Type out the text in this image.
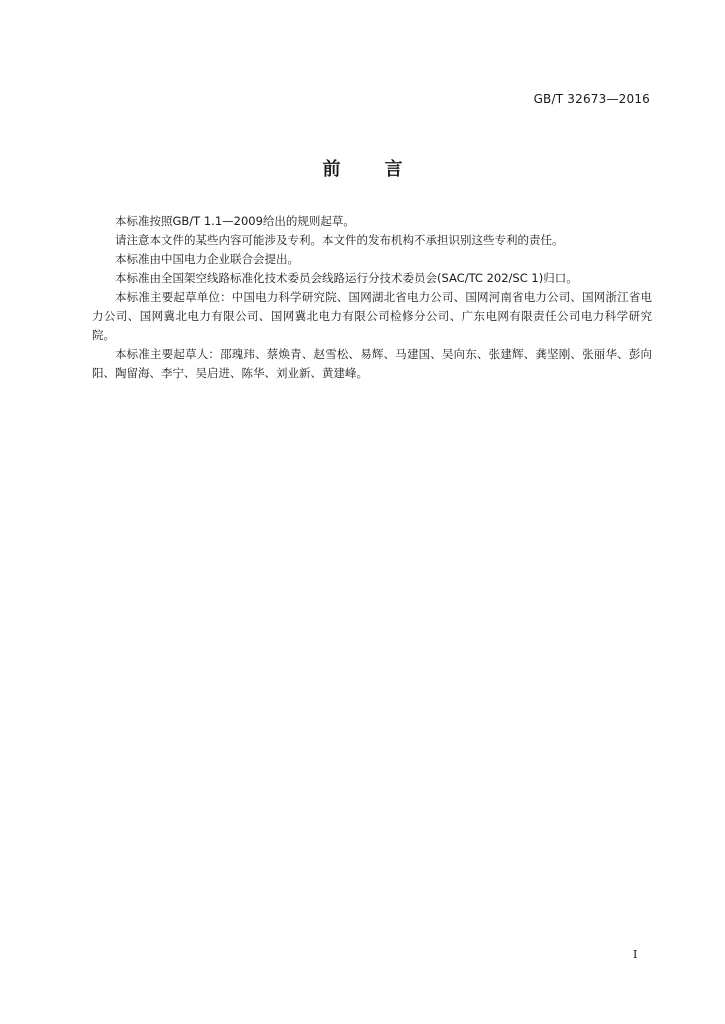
GB/T 32673—2016
前言

本标准按照GB/T 1.1—2009给出的规则起草。

请注意本文件的某些内容可能涉及专利。本文件的发布机构不承担识别这些专利的责任。

本标准由中国电力企业联合会提出。

本标准由全国架空线路标准化技术委员会线路运行分技术委员会(SAC/TC 202/SC 1)归口。

本标准主要起草单位：中国电力科学研究院、国网湖北省电力公司、国网河南省电力公司、国网浙江省电力公司、国网冀北电力有限公司、国网冀北电力有限公司检修分公司、广东电网有限责任公司电力科学研究院。

本标准主要起草人：邵瑰玮、蔡焕青、赵雪松、易辉、马建国、吴向东、张建辉、龚坚刚、张丽华、彭向阳、陶留海、李宁、吴启进、陈华、刘业新、黄建峰。

I
